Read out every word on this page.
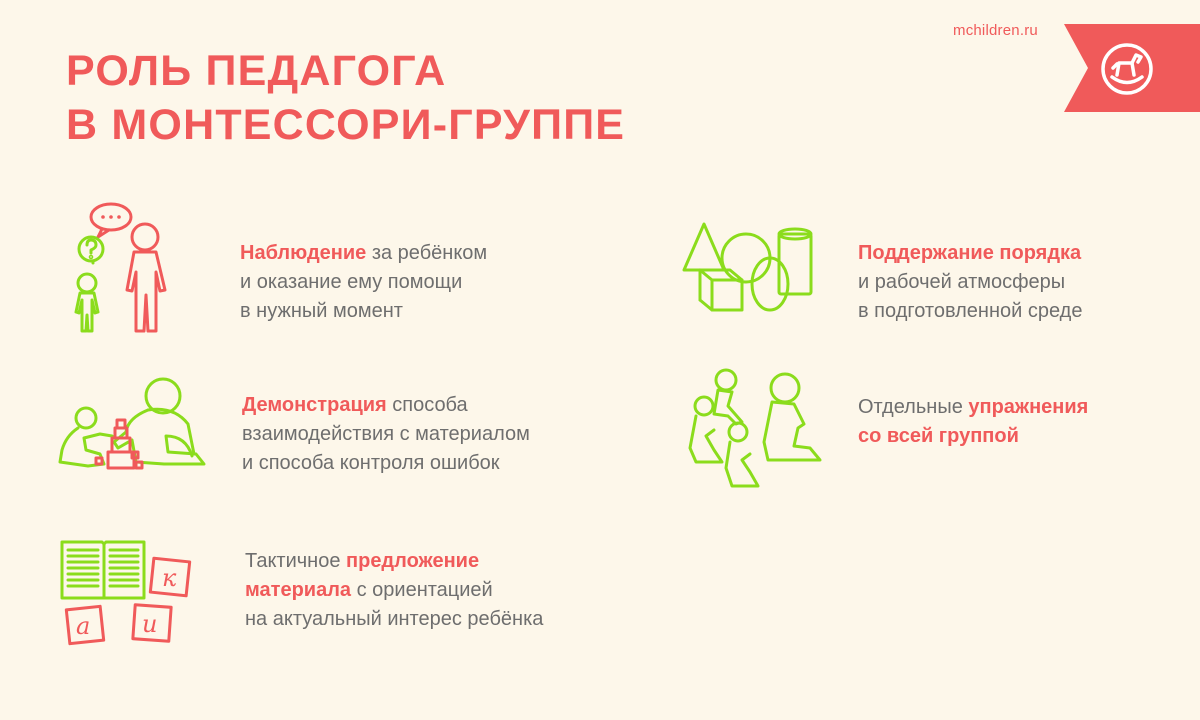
mchildren.ru
РОЛЬ ПЕДАГОГА
В МОНТЕССОРИ-ГРУППЕ
Наблюдение за ребёнком
и оказание ему помощи
в нужный момент
Поддержание порядка
и рабочей атмосферы
в подготовленной среде
Демонстрация способа
взаимодействия с материалом
и способа контроля ошибок
Отдельные упражнения
со всей группой
к
а и
Тактичное предложение
материала с ориентацией
на актуальный интерес ребёнка
